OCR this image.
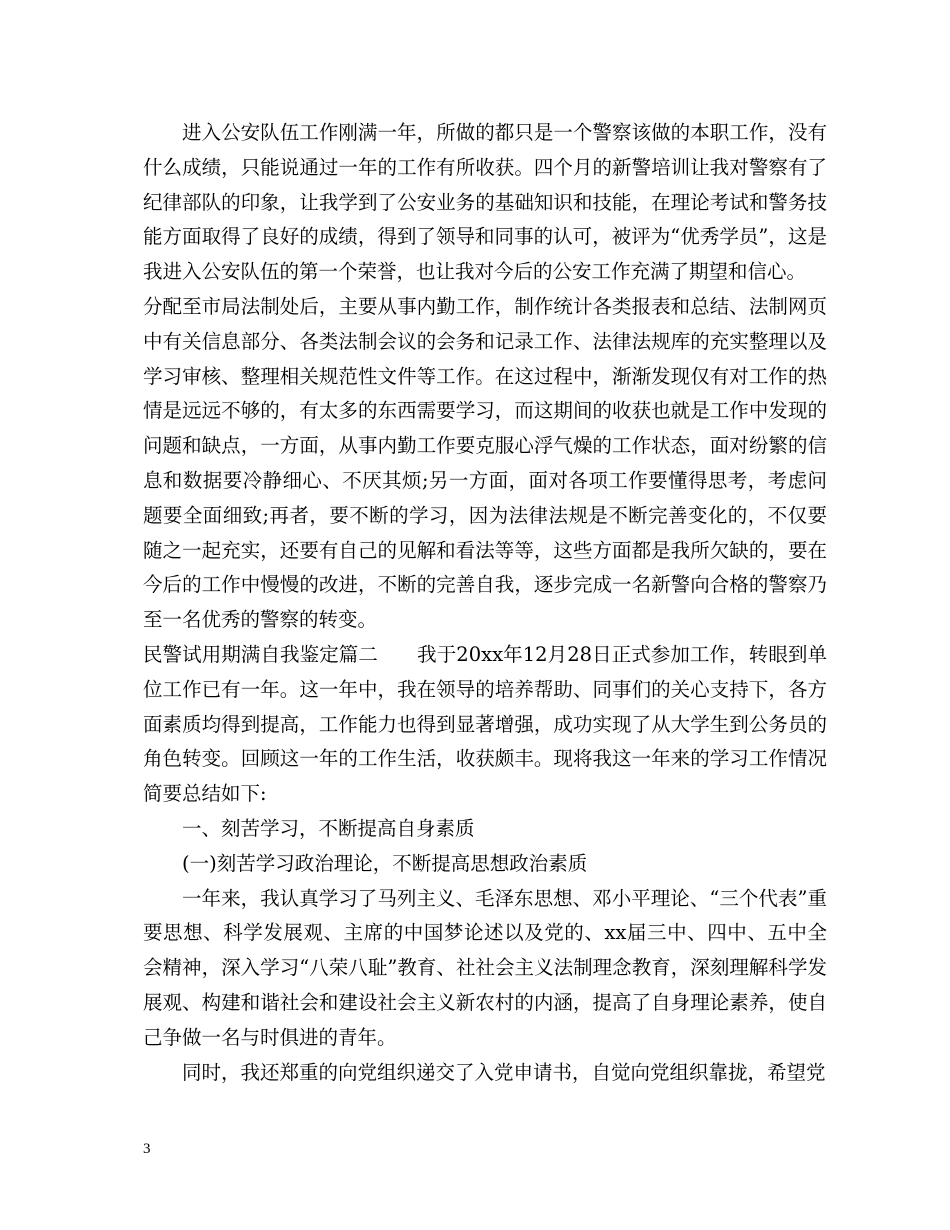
进入公安队伍工作刚满一年，所做的都只是一个警察该做的本职工作，没有什么成绩，只能说通过一年的工作有所收获。四个月的新警培训让我对警察有了纪律部队的印象，让我学到了公安业务的基础知识和技能，在理论考试和警务技能方面取得了良好的成绩，得到了领导和同事的认可，被评为“优秀学员”，这是我进入公安队伍的第一个荣誉，也让我对今后的公安工作充满了期望和信心。

分配至市局法制处后，主要从事内勤工作，制作统计各类报表和总结、法制网页中有关信息部分、各类法制会议的会务和记录工作、法律法规库的充实整理以及学习审核、整理相关规范性文件等工作。在这过程中，渐渐发现仅有对工作的热情是远远不够的，有太多的东西需要学习，而这期间的收获也就是工作中发现的问题和缺点，一方面，从事内勤工作要克服心浮气燥的工作状态，面对纷繁的信息和数据要冷静细心、不厌其烦;另一方面，面对各项工作要懂得思考，考虑问题要全面细致;再者，要不断的学习，因为法律法规是不断完善变化的，不仅要随之一起充实，还要有自己的见解和看法等等，这些方面都是我所欠缺的，要在今后的工作中慢慢的改进，不断的完善自我，逐步完成一名新警向合格的警察乃至一名优秀的警察的转变。

民警试用期满自我鉴定篇二　　我于20xx年12月28日正式参加工作，转眼到单位工作已有一年。这一年中，我在领导的培养帮助、同事们的关心支持下，各方面素质均得到提高，工作能力也得到显著增强，成功实现了从大学生到公务员的角色转变。回顾这一年的工作生活，收获颇丰。现将我这一年来的学习工作情况简要总结如下:

一、刻苦学习，不断提高自身素质

(一)刻苦学习政治理论，不断提高思想政治素质

一年来，我认真学习了马列主义、毛泽东思想、邓小平理论、“三个代表”重要思想、科学发展观、主席的中国梦论述以及党的、xx届三中、四中、五中全会精神，深入学习“八荣八耻”教育、社社会主义法制理念教育，深刻理解科学发展观、构建和谐社会和建设社会主义新农村的内涵，提高了自身理论素养，使自己争做一名与时俱进的青年。

同时，我还郑重的向党组织递交了入党申请书，自觉向党组织靠拢，希望党

3
